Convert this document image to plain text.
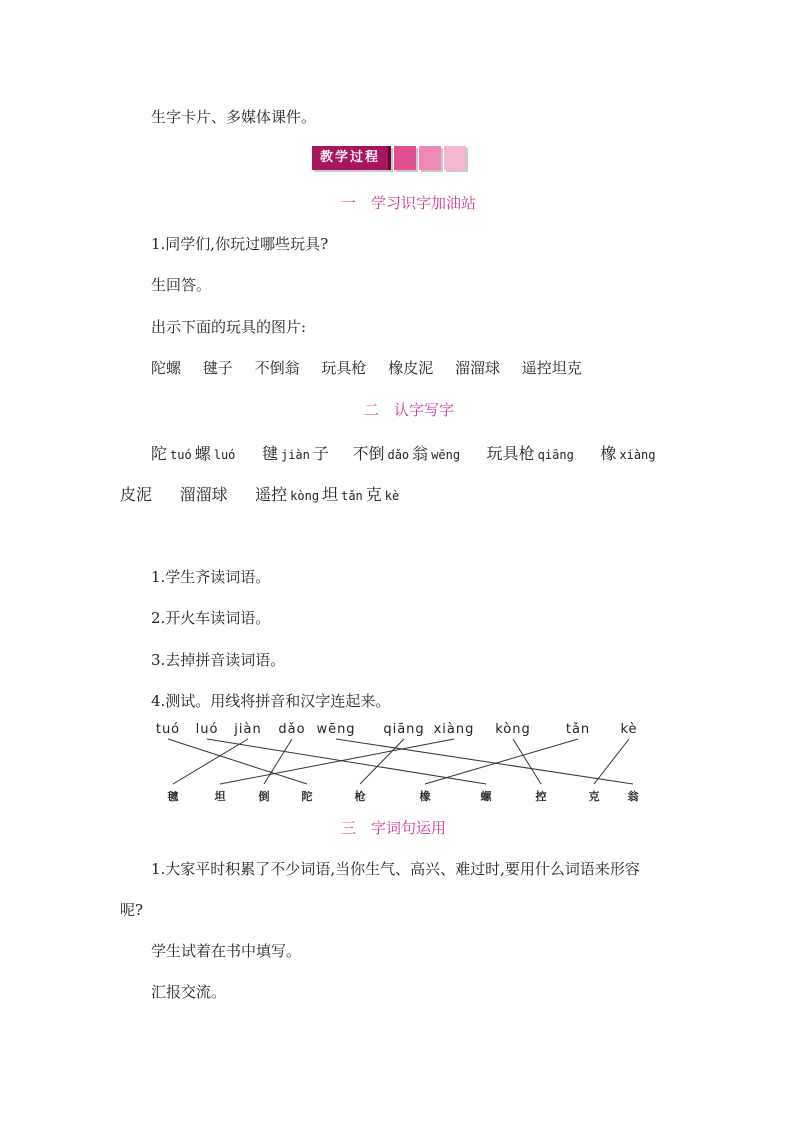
生字卡片、多媒体课件。
教学过程
一　学习识字加油站
1.同学们,你玩过哪些玩具?
生回答。
出示下面的玩具的图片:
陀螺 毽子 不倒翁 玩具枪 橡皮泥 溜溜球 遥控坦克
二　认字写字
陀 tuó 螺 luó 毽 jiàn 子 不倒 dǎo 翁 wēng 玩具枪 qiāng 橡 xiàng
皮泥 溜溜球 遥控 kòng 坦 tǎn 克 kè
1.学生齐读词语。
2.开火车读词语。
3.去掉拼音读词语。
4.测试。用线将拼音和汉字连起来。
tuó luó jiàn dǎo wēng qiāng xiàng kòng	tǎn kè
毽	坦	倒	陀	枪	橡	螺	控	克	翁
三　字词句运用
1.大家平时积累了不少词语,当你生气、高兴、难过时,要用什么词语来形容
呢?
学生试着在书中填写。
汇报交流。
